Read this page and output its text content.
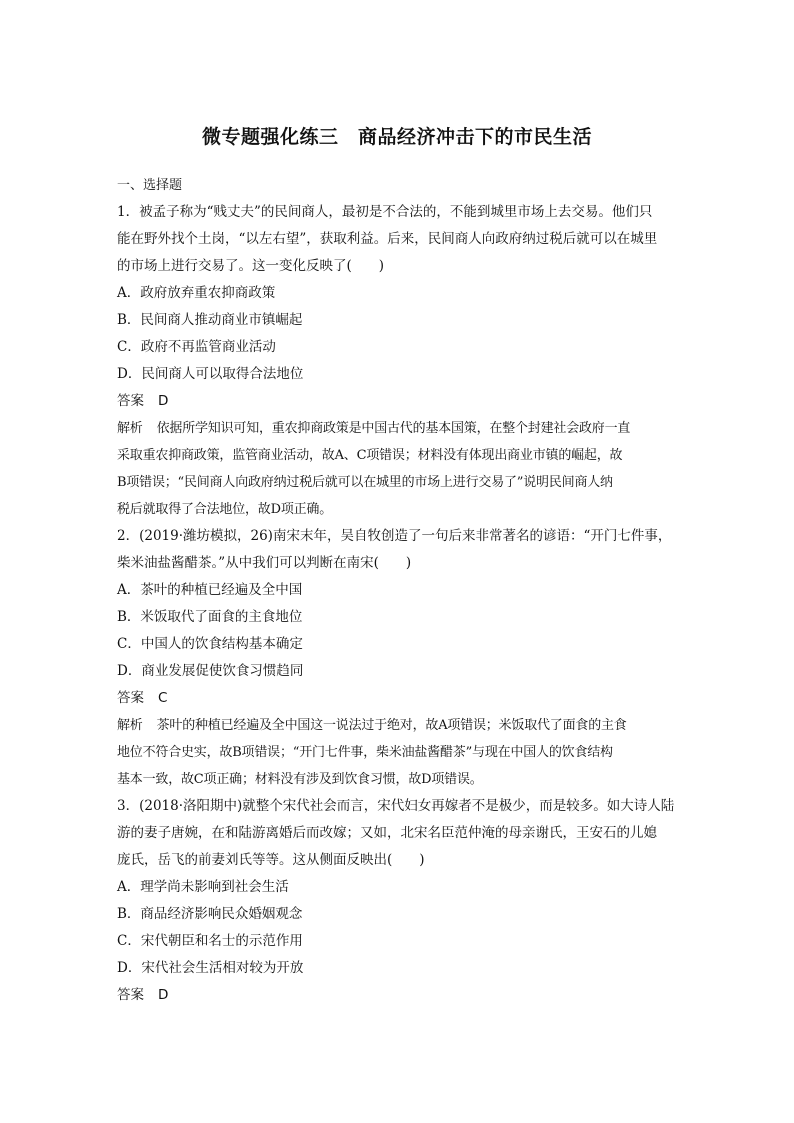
微专题强化练三　商品经济冲击下的市民生活
一、选择题
1．被孟子称为“贱丈夫”的民间商人，最初是不合法的，不能到城里市场上去交易。他们只
能在野外找个土岗，“以左右望”，获取利益。后来，民间商人向政府纳过税后就可以在城里
的市场上进行交易了。这一变化反映了(　　)
A．政府放弃重农抑商政策
B．民间商人推动商业市镇崛起
C．政府不再监管商业活动
D．民间商人可以取得合法地位
答案 D
解析 依据所学知识可知，重农抑商政策是中国古代的基本国策，在整个封建社会政府一直
采取重农抑商政策，监管商业活动，故A、C项错误；材料没有体现出商业市镇的崛起，故
B项错误；“民间商人向政府纳过税后就可以在城里的市场上进行交易了”说明民间商人纳
税后就取得了合法地位，故D项正确。
2．(2019·潍坊模拟，26)南宋末年，吴自牧创造了一句后来非常著名的谚语：“开门七件事，
柴米油盐酱醋茶。”从中我们可以判断在南宋(　　)
A．茶叶的种植已经遍及全中国
B．米饭取代了面食的主食地位
C．中国人的饮食结构基本确定
D．商业发展促使饮食习惯趋同
答案 C
解析 茶叶的种植已经遍及全中国这一说法过于绝对，故A项错误；米饭取代了面食的主食
地位不符合史实，故B项错误；“开门七件事，柴米油盐酱醋茶”与现在中国人的饮食结构
基本一致，故C项正确；材料没有涉及到饮食习惯，故D项错误。
3．(2018·洛阳期中)就整个宋代社会而言，宋代妇女再嫁者不是极少，而是较多。如大诗人陆
游的妻子唐婉，在和陆游离婚后而改嫁；又如，北宋名臣范仲淹的母亲谢氏，王安石的儿媳
庞氏，岳飞的前妻刘氏等等。这从侧面反映出(　　)
A．理学尚未影响到社会生活
B．商品经济影响民众婚姻观念
C．宋代朝臣和名士的示范作用
D．宋代社会生活相对较为开放
答案 D
